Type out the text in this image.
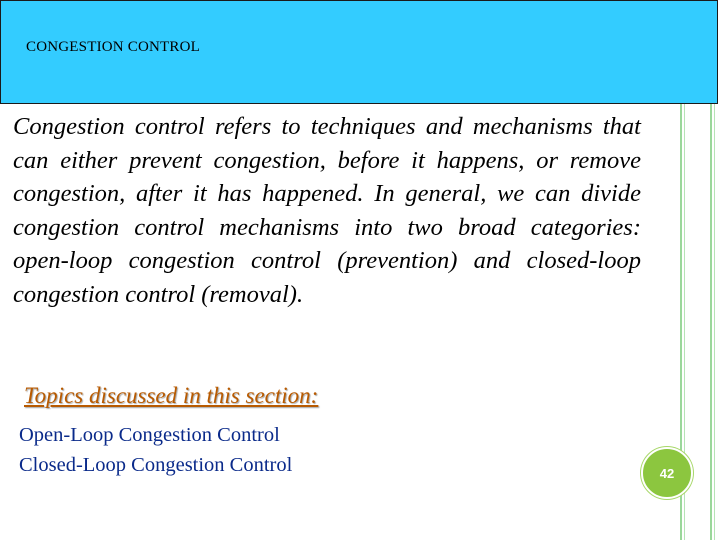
CONGESTION CONTROL

Congestion control refers to techniques and mechanisms that can either prevent congestion, before it happens, or remove congestion, after it has happened. In general, we can divide congestion control mechanisms into two broad categories: open-loop congestion control (prevention) and closed-loop congestion control (removal).

Topics discussed in this section:
Open-Loop Congestion Control
Closed-Loop Congestion Control	42
